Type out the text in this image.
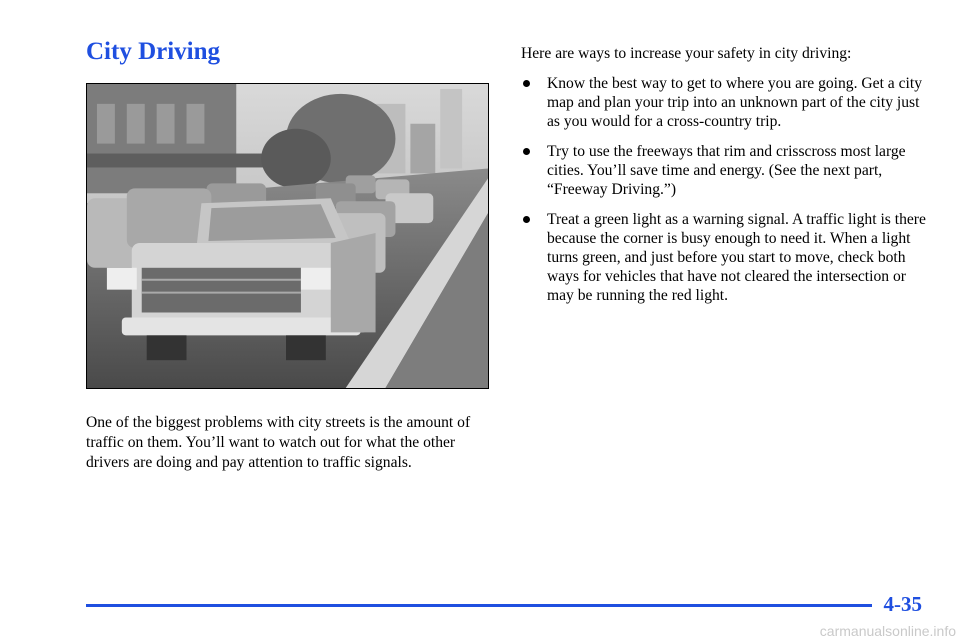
City Driving

One of the biggest problems with city streets is the amount of traffic on them. You’ll want to watch out for what the other drivers are doing and pay attention to traffic signals.

Here are ways to increase your safety in city driving:

Know the best way to get to where you are going. Get a city map and plan your trip into an unknown part of the city just as you would for a cross-country trip.
Try to use the freeways that rim and crisscross most large cities. You’ll save time and energy. (See the next part, “Freeway Driving.”)
Treat a green light as a warning signal. A traffic light is there because the corner is busy enough to need it. When a light turns green, and just before you start to move, check both ways for vehicles that have not cleared the intersection or may be running the red light.
4-35
carmanualsonline.info
